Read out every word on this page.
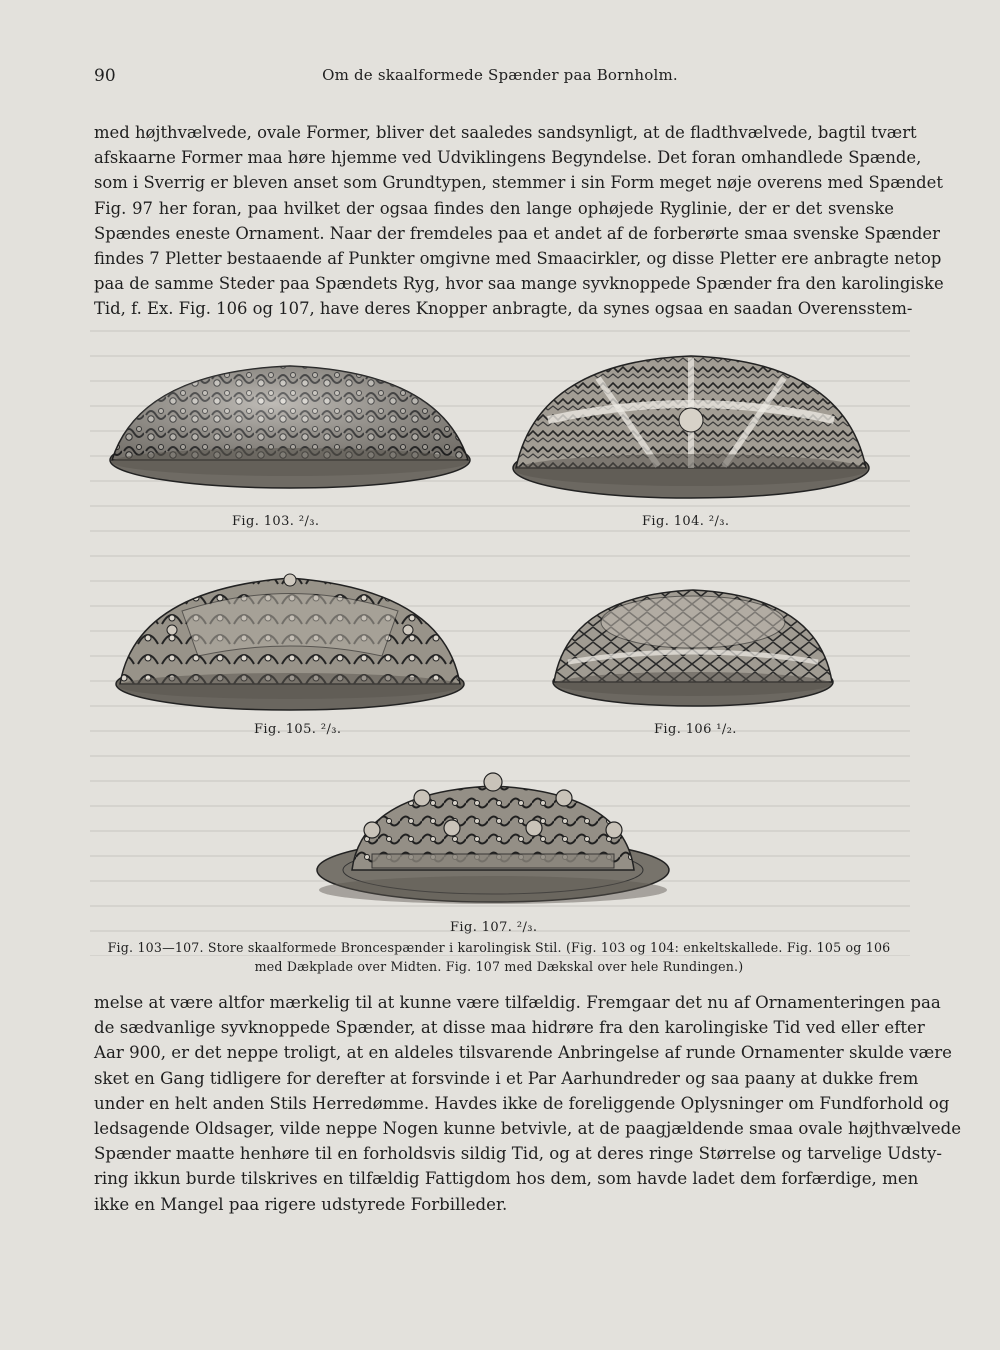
90	Om de skaalformede Spænder paa Bornholm.
med højthvælvede, ovale Former, bliver det saaledes sandsynligt, at de fladthvælvede, bagtil tvært
afskaarne Former maa høre hjemme ved Udviklingens Begyndelse. Det foran omhandlede Spænde,
som i Sverrig er bleven anset som Grundtypen, stemmer i sin Form meget nøje overens med Spændet
Fig. 97 her foran, paa hvilket der ogsaa findes den lange ophøjede Ryglinie, der er det svenske
Spændes eneste Ornament. Naar der fremdeles paa et andet af de forberørte smaa svenske Spænder
findes 7 Pletter bestaaende af Punkter omgivne med Smaacirkler, og disse Pletter ere anbragte netop
paa de samme Steder paa Spændets Ryg, hvor saa mange syvknoppede Spænder fra den karolingiske
Tid, f. Ex. Fig. 106 og 107, have deres Knopper anbragte, da synes ogsaa en saadan Overensstem-
Fig. 103. ²/₃.	Fig. 104. ²/₃.
Fig. 105. ²/₃.	Fig. 106 ¹/₂.
Fig. 107. ²/₃.
Fig. 103—107. Store skaalformede Broncespænder i karolingisk Stil. (Fig. 103 og 104: enkeltskallede. Fig. 105 og 106
med Dækplade over Midten. Fig. 107 med Dækskal over hele Rundingen.)
melse at være altfor mærkelig til at kunne være tilfældig. Fremgaar det nu af Ornamenteringen paa
de sædvanlige syvknoppede Spænder, at disse maa hidrøre fra den karolingiske Tid ved eller efter
Aar 900, er det neppe troligt, at en aldeles tilsvarende Anbringelse af runde Ornamenter skulde være
sket en Gang tidligere for derefter at forsvinde i et Par Aarhundreder og saa paany at dukke frem
under en helt anden Stils Herredømme. Havdes ikke de foreliggende Oplysninger om Fundforhold og
ledsagende Oldsager, vilde neppe Nogen kunne betvivle, at de paagjældende smaa ovale højthvælvede
Spænder maatte henhøre til en forholdsvis sildig Tid, og at deres ringe Størrelse og tarvelige Udsty-
ring ikkun burde tilskrives en tilfældig Fattigdom hos dem, som havde ladet dem forfærdige, men
ikke en Mangel paa rigere udstyrede Forbilleder.
